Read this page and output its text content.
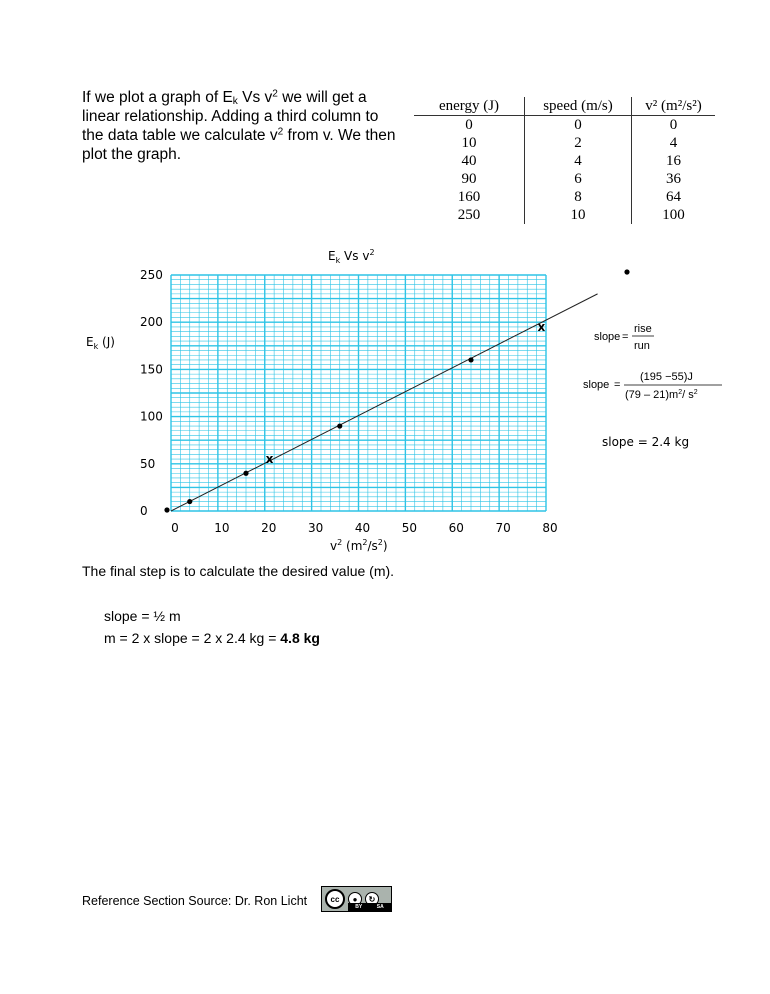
If we plot a graph of $E_k$ Vs $v^2$ we will get a linear relationship. Adding a third column to the data table we calculate $v^2$ from v. We then plot the graph.
energy (J)	speed (m/s)	v² (m²/s²)
0	0	0
10	2	4
40	4	16
90	6	36
160	8	64
250	10	100
$E_k$ Vs $v^2$
$E_k$ (J)
$v^2$ $(m^2/s^2)$
0	10	20	30	40	50	60	70	80
0
50
100
150
200
250
x
x
slope =
rise
run
slope =
(195 −55)J
$(79 - 21)m^2/$ $s^2$
slope = 2.4 kg
The final step is to calculate the desired value (m).
slope = ½ m
m = 2 x slope = 2 x 2.4 kg = 4.8 kg
Reference Section Source: Dr. Ron Licht	cc	●	↻
BY	SA
